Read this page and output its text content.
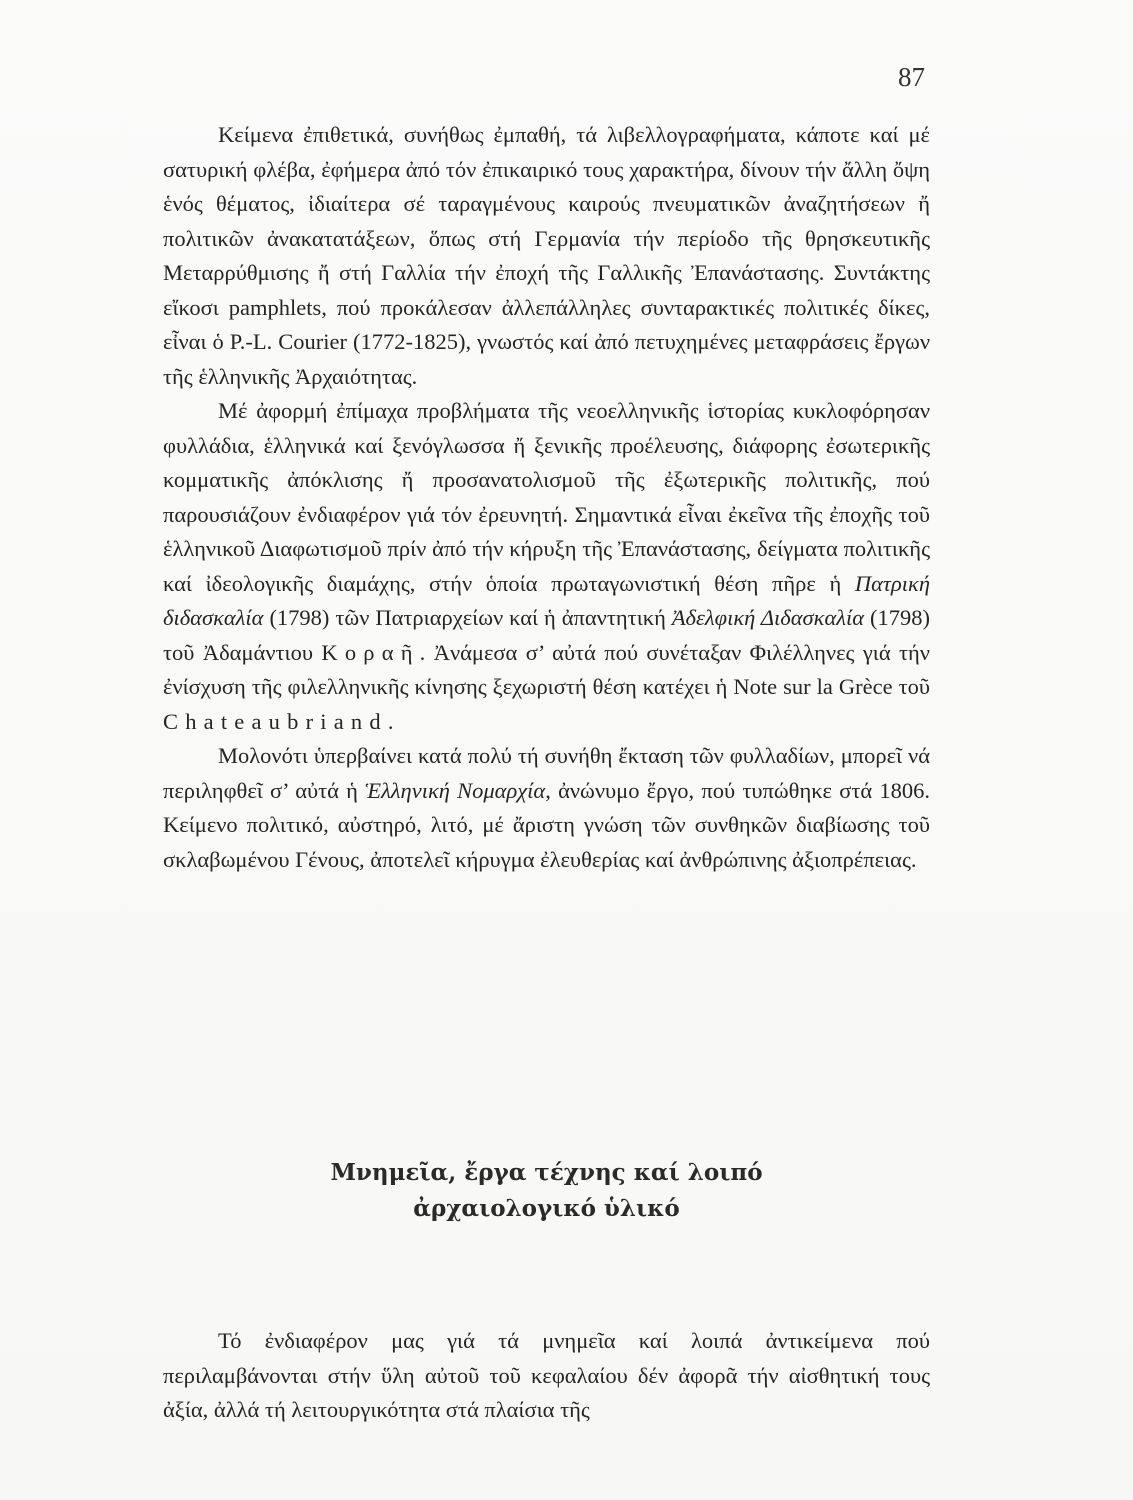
87

Κείμενα ἐπιθετικά, συνήθως ἐμπαθή, τά λιβελλογραφήματα, κάποτε καί μέ σατυρική φλέβα, ἐφήμερα ἀπό τόν ἐπικαιρικό τους χαρακτήρα, δίνουν τήν ἄλλη ὄψη ἑνός θέματος, ἰδιαίτερα σέ ταραγμένους καιρούς πνευματικῶν ἀναζητήσεων ἤ πολιτικῶν ἀνακατατάξεων, ὅπως στή Γερμανία τήν περίοδο τῆς θρησκευτικῆς Μεταρρύθμισης ἤ στή Γαλλία τήν ἐποχή τῆς Γαλλικῆς Ἐπανάστασης. Συντάκτης εἴκοσι pamphlets, πού προκάλεσαν ἀλλεπάλληλες συνταρακτικές πολιτικές δίκες, εἶναι ὁ P.-L. Courier (1772-1825), γνωστός καί ἀπό πετυχημένες μεταφράσεις ἔργων τῆς ἑλληνικῆς Ἀρχαιότητας.

Μέ ἀφορμή ἐπίμαχα προβλήματα τῆς νεοελληνικῆς ἱστορίας κυκλοφόρησαν φυλλάδια, ἑλληνικά καί ξενόγλωσσα ἤ ξενικῆς προέλευσης, διάφορης ἐσωτερικῆς κομματικῆς ἀπόκλισης ἤ προσανατολισμοῦ τῆς ἐξωτερικῆς πολιτικῆς, πού παρουσιάζουν ἐνδιαφέρον γιά τόν ἐρευνητή. Σημαντικά εἶναι ἐκεῖνα τῆς ἐποχῆς τοῦ ἑλληνικοῦ Διαφωτισμοῦ πρίν ἀπό τήν κήρυξη τῆς Ἐπανάστασης, δείγματα πολιτικῆς καί ἰδεολογικῆς διαμάχης, στήν ὁποία πρωταγωνιστική θέση πῆρε ἡ Πατρική διδασκαλία (1798) τῶν Πατριαρχείων καί ἡ ἀπαντητική Ἀδελφική Διδασκαλία (1798) τοῦ Ἀδαμάντιου Κοραῆ. Ἀνάμεσα σ’ αὐτά πού συνέταξαν Φιλέλληνες γιά τήν ἐνίσχυση τῆς φιλελληνικῆς κίνησης ξεχωριστή θέση κατέχει ἡ Note sur la Grèce τοῦ Chateaubriand.

Μολονότι ὑπερβαίνει κατά πολύ τή συνήθη ἔκταση τῶν φυλλαδίων, μπορεῖ νά περιληφθεῖ σ’ αὐτά ἡ Ἑλληνική Νομαρχία, ἀνώνυμο ἔργο, πού τυπώθηκε στά 1806. Κείμενο πολιτικό, αὐστηρό, λιτό, μέ ἄριστη γνώση τῶν συνθηκῶν διαβίωσης τοῦ σκλαβωμένου Γένους, ἀποτελεῖ κήρυγμα ἐλευθερίας καί ἀνθρώπινης ἀξιοπρέπειας.

Μνημεῖα, ἔργα τέχνης καί λοιπό
ἀρχαιολογικό ὑλικό

Τό ἐνδιαφέρον μας γιά τά μνημεῖα καί λοιπά ἀντικείμενα πού περιλαμβάνονται στήν ὕλη αὐτοῦ τοῦ κεφαλαίου δέν ἀφορᾶ τήν αἰσθητική τους ἀξία, ἀλλά τή λειτουργικότητα στά πλαίσια τῆς
